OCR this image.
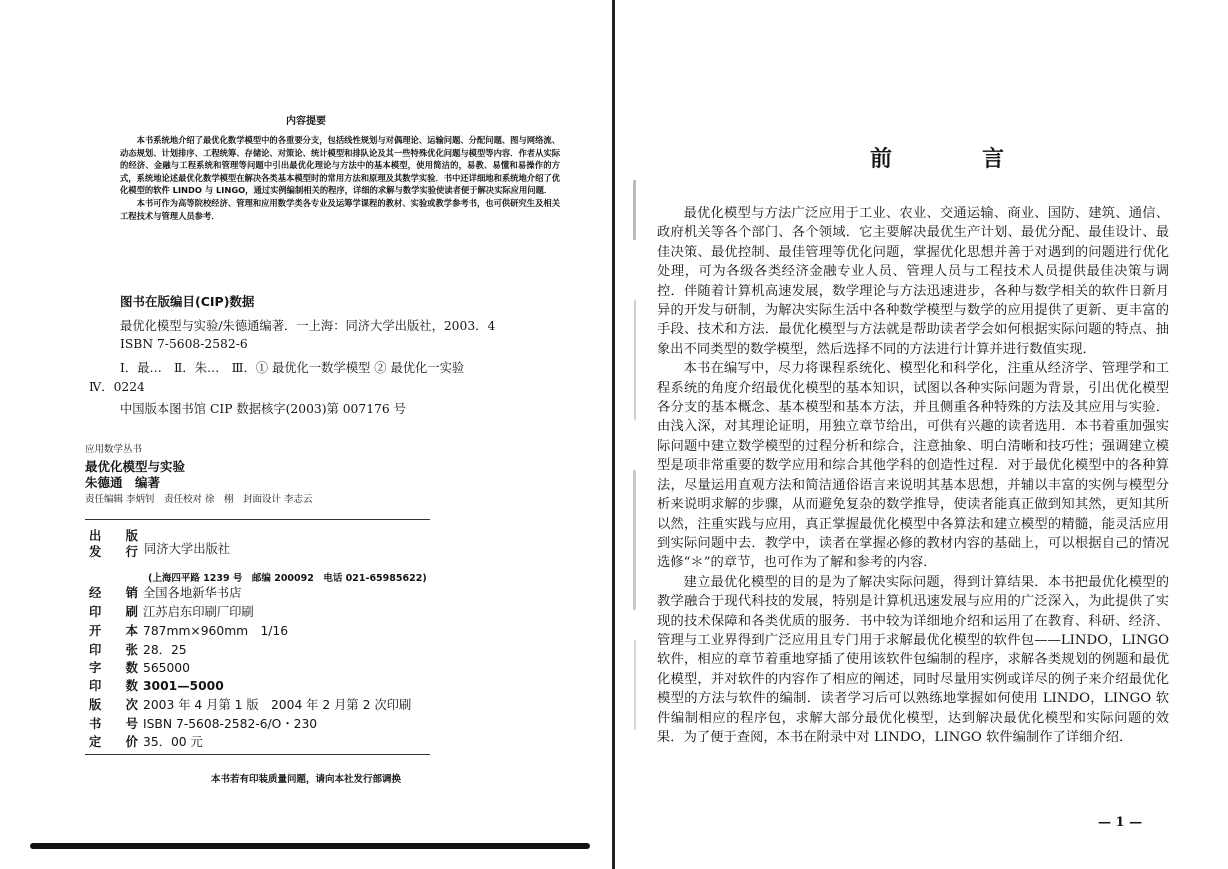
内容提要

本书系统地介绍了最优化数学模型中的各重要分支，包括线性规划与对偶理论、运输问题、分配问题、图与网络流、动态规划、计划排序、工程统筹、存储论、对策论、统计模型和排队论及其一些特殊优化问题与模型等内容．作者从实际的经济、金融与工程系统和管理等问题中引出最优化理论与方法中的基本模型，使用简洁的，易教、易懂和易操作的方式，系统地论述最优化数学模型在解决各类基本模型时的常用方法和原理及其数学实验．书中还详细地和系统地介绍了优化模型的软件 LINDO 与 LINGO，通过实例编制相关的程序，详细的求解与数学实验使读者便于解决实际应用问题．

本书可作为高等院校经济、管理和应用数学类各专业及运筹学课程的教材、实验或教学参考书，也可供研究生及相关工程技术与管理人员参考．

图书在版编目(CIP)数据
最优化模型与实验/朱德通编著．一上海：同济大学出版社，2003．4
ISBN 7-5608-2582-6
Ⅰ．最…　Ⅱ．朱…　Ⅲ．① 最优化一数学模型 ② 最优化一实验
Ⅳ．0224
中国版本图书馆 CIP 数据核字(2003)第 007176 号
应用数学丛书
最优化模型与实验
朱德通　编著
责任编辑 李炳钊　责任校对 徐　栩　封面设计 李志云
出　版
发　行 同济大学出版社
(上海四平路 1239 号　邮编 200092　电话 021-65985622)
经　销全国各地新华书店
印　刷江苏启东印刷厂印刷
开　本787mm×960mm　1/16
印　张28．25
字　数565000
印　数3001—5000
版　次2003 年 4 月第 1 版　2004 年 2 月第 2 次印刷
书　号ISBN 7-5608-2582-6/O・230
定　价35．00 元
本书若有印装质量问题，请向本社发行部调换
前　言

最优化模型与方法广泛应用于工业、农业、交通运输、商业、国防、建筑、通信、政府机关等各个部门、各个领域．它主要解决最优生产计划、最优分配、最佳设计、最佳决策、最优控制、最佳管理等优化问题，掌握优化思想并善于对遇到的问题进行优化处理，可为各级各类经济金融专业人员、管理人员与工程技术人员提供最佳决策与调控．伴随着计算机高速发展，数学理论与方法迅速进步，各种与数学相关的软件日新月异的开发与研制，为解决实际生活中各种数学模型与数学的应用提供了更新、更丰富的手段、技术和方法．最优化模型与方法就是帮助读者学会如何根据实际问题的特点、抽象出不同类型的数学模型，然后选择不同的方法进行计算并进行数值实现．

本书在编写中，尽力将课程系统化、模型化和科学化，注重从经济学、管理学和工程系统的角度介绍最优化模型的基本知识，试图以各种实际问题为背景，引出优化模型各分支的基本概念、基本模型和基本方法，并且侧重各种特殊的方法及其应用与实验．由浅入深，对其理论证明，用独立章节给出，可供有兴趣的读者选用．本书着重加强实际问题中建立数学模型的过程分析和综合，注意抽象、明白清晰和技巧性；强调建立模型是项非常重要的数学应用和综合其他学科的创造性过程．对于最优化模型中的各种算法，尽量运用直观方法和简洁通俗语言来说明其基本思想，并辅以丰富的实例与模型分析来说明求解的步骤，从而避免复杂的数学推导，使读者能真正做到知其然，更知其所以然，注重实践与应用，真正掌握最优化模型中各算法和建立模型的精髓，能灵活应用到实际问题中去．教学中，读者在掌握必修的教材内容的基础上，可以根据自己的情况选修“＊”的章节，也可作为了解和参考的内容．

建立最优化模型的目的是为了解决实际问题，得到计算结果．本书把最优化模型的教学融合于现代科技的发展，特别是计算机迅速发展与应用的广泛深入，为此提供了实现的技术保障和各类优质的服务．书中较为详细地介绍和运用了在教育、科研、经济、管理与工业界得到广泛应用且专门用于求解最优化模型的软件包——LINDO，LINGO 软件，相应的章节着重地穿插了使用该软件包编制的程序，求解各类规划的例题和最优化模型，并对软件的内容作了相应的阐述，同时尽量用实例或详尽的例子来介绍最优化模型的方法与软件的编制．读者学习后可以熟练地掌握如何使用 LINDO，LINGO 软件编制相应的程序包，求解大部分最优化模型，达到解决最优化模型和实际问题的效果．为了便于查阅，本书在附录中对 LINDO，LINGO 软件编制作了详细介绍．

— 1 —
